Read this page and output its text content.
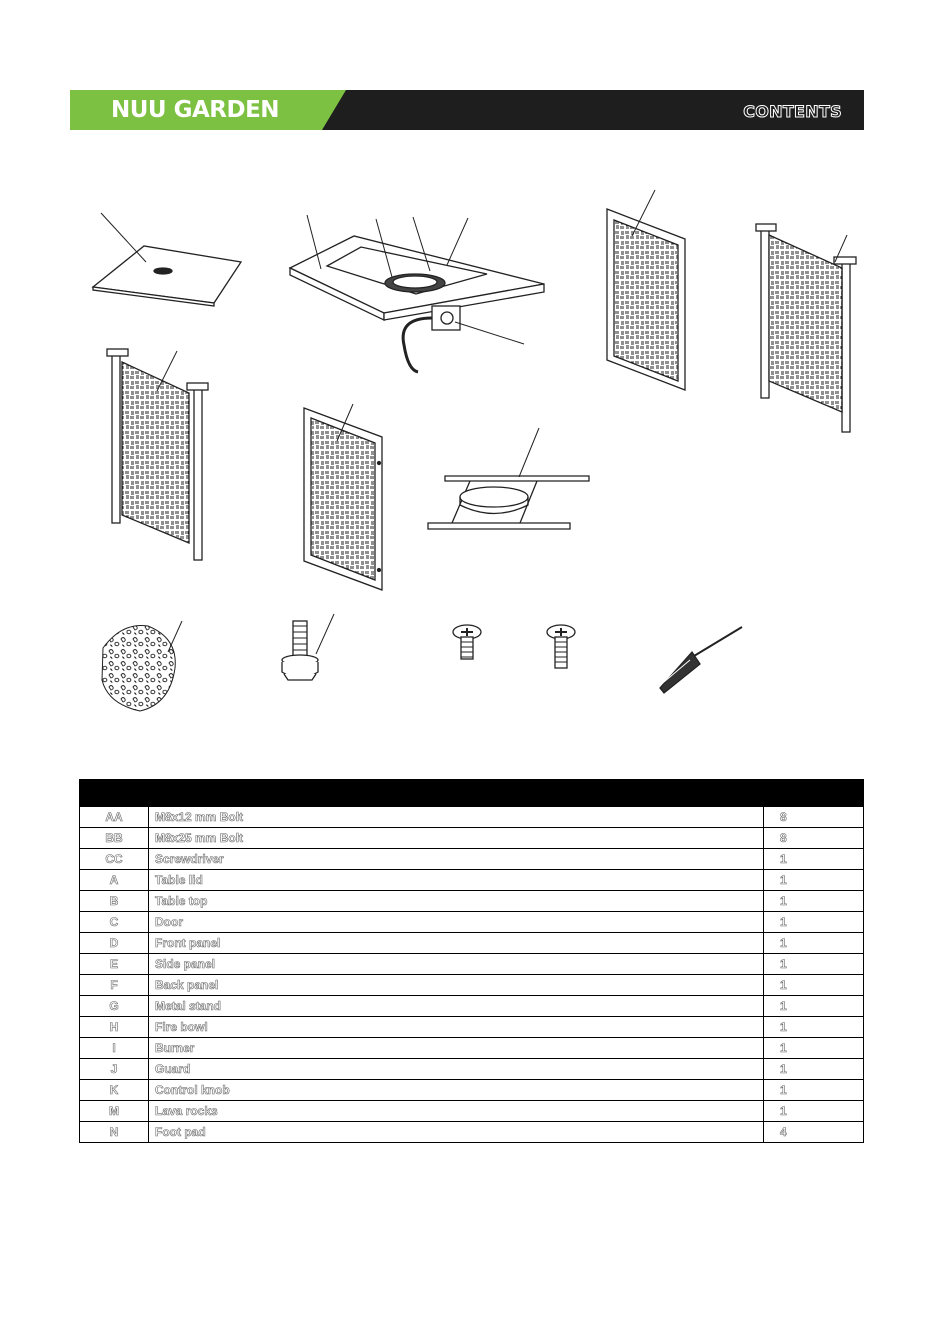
NUU GARDEN	CONTENTS

AA	M8x12 mm Bolt	8
BB	M8x25 mm Bolt	8
CC	Screwdriver	1
A	Table lid	1
B	Table top	1
C	Door	1
D	Front panel	1
E	Side panel	1
F	Back panel	1
G	Metal stand	1
H	Fire bowl	1
I	Burner	1
J	Guard	1
K	Control knob	1
M	Lava rocks	1
N	Foot pad	4
